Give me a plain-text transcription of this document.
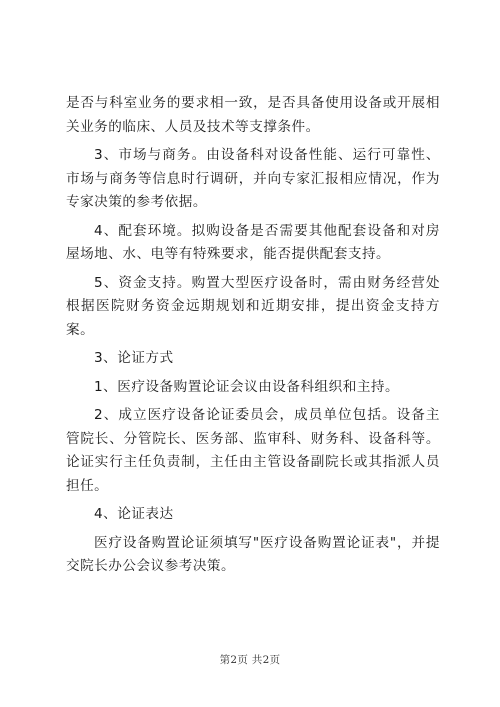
是否与科室业务的要求相一致，是否具备使用设备或开展相关业务的临床、人员及技术等支撑条件。

3、市场与商务。由设备科对设备性能、运行可靠性、市场与商务等信息时行调研，并向专家汇报相应情况，作为专家决策的参考依据。

4、配套环境。拟购设备是否需要其他配套设备和对房屋场地、水、电等有特殊要求，能否提供配套支持。

5、资金支持。购置大型医疗设备时，需由财务经营处根据医院财务资金远期规划和近期安排，提出资金支持方案。

3、论证方式

1、医疗设备购置论证会议由设备科组织和主持。

2、成立医疗设备论证委员会，成员单位包括。设备主管院长、分管院长、医务部、监审科、财务科、设备科等。论证实行主任负责制，主任由主管设备副院长或其指派人员担任。

4、论证表达

医疗设备购置论证须填写"医疗设备购置论证表"，并提交院长办公会议参考决策。

第2页 共2页
